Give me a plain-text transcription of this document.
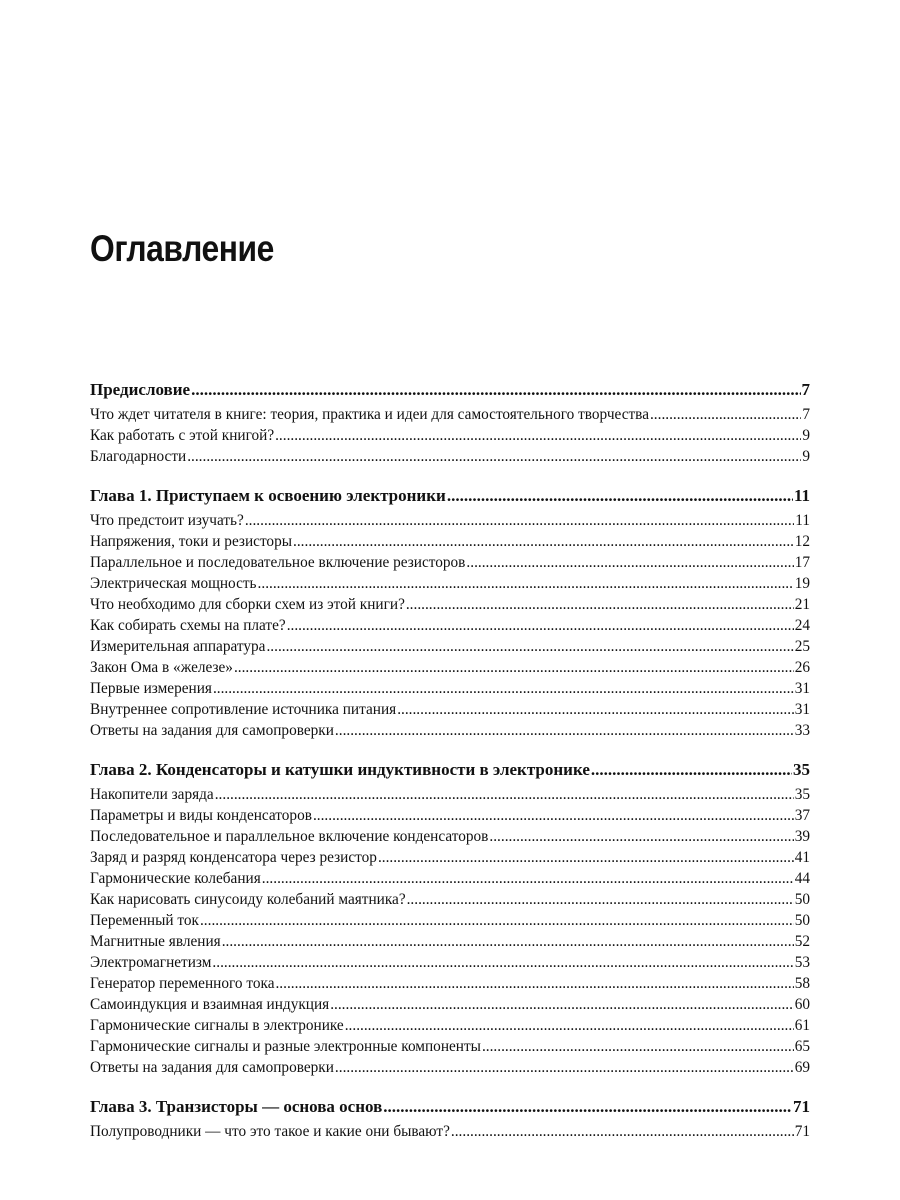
Оглавление
Предисловие .....	7
Что ждет читателя в книге: теория, практика и идеи для самостоятельного творчества .....	7
Как работать с этой книгой? .....	9
Благодарности .....	9
Глава 1. Приступаем к освоению электроники .....	11
Что предстоит изучать? .....	11
Напряжения, токи и резисторы .....	12
Параллельное и последовательное включение резисторов .....	17
Электрическая мощность .....	19
Что необходимо для сборки схем из этой книги? .....	21
Как собирать схемы на плате? .....	24
Измерительная аппаратура .....	25
Закон Ома в «железе» .....	26
Первые измерения .....	31
Внутреннее сопротивление источника питания .....	31
Ответы на задания для самопроверки .....	33
Глава 2. Конденсаторы и катушки индуктивности в электронике .....	35
Накопители заряда .....	35
Параметры и виды конденсаторов .....	37
Последовательное и параллельное включение конденсаторов .....	39
Заряд и разряд конденсатора через резистор .....	41
Гармонические колебания .....	44
Как нарисовать синусоиду колебаний маятника? .....	50
Переменный ток .....	50
Магнитные явления .....	52
Электромагнетизм .....	53
Генератор переменного тока .....	58
Самоиндукция и взаимная индукция .....	60
Гармонические сигналы в электронике .....	61
Гармонические сигналы и разные электронные компоненты .....	65
Ответы на задания для самопроверки .....	69
Глава 3. Транзисторы — основа основ .....	71
Полупроводники — что это такое и какие они бывают? .....	71
